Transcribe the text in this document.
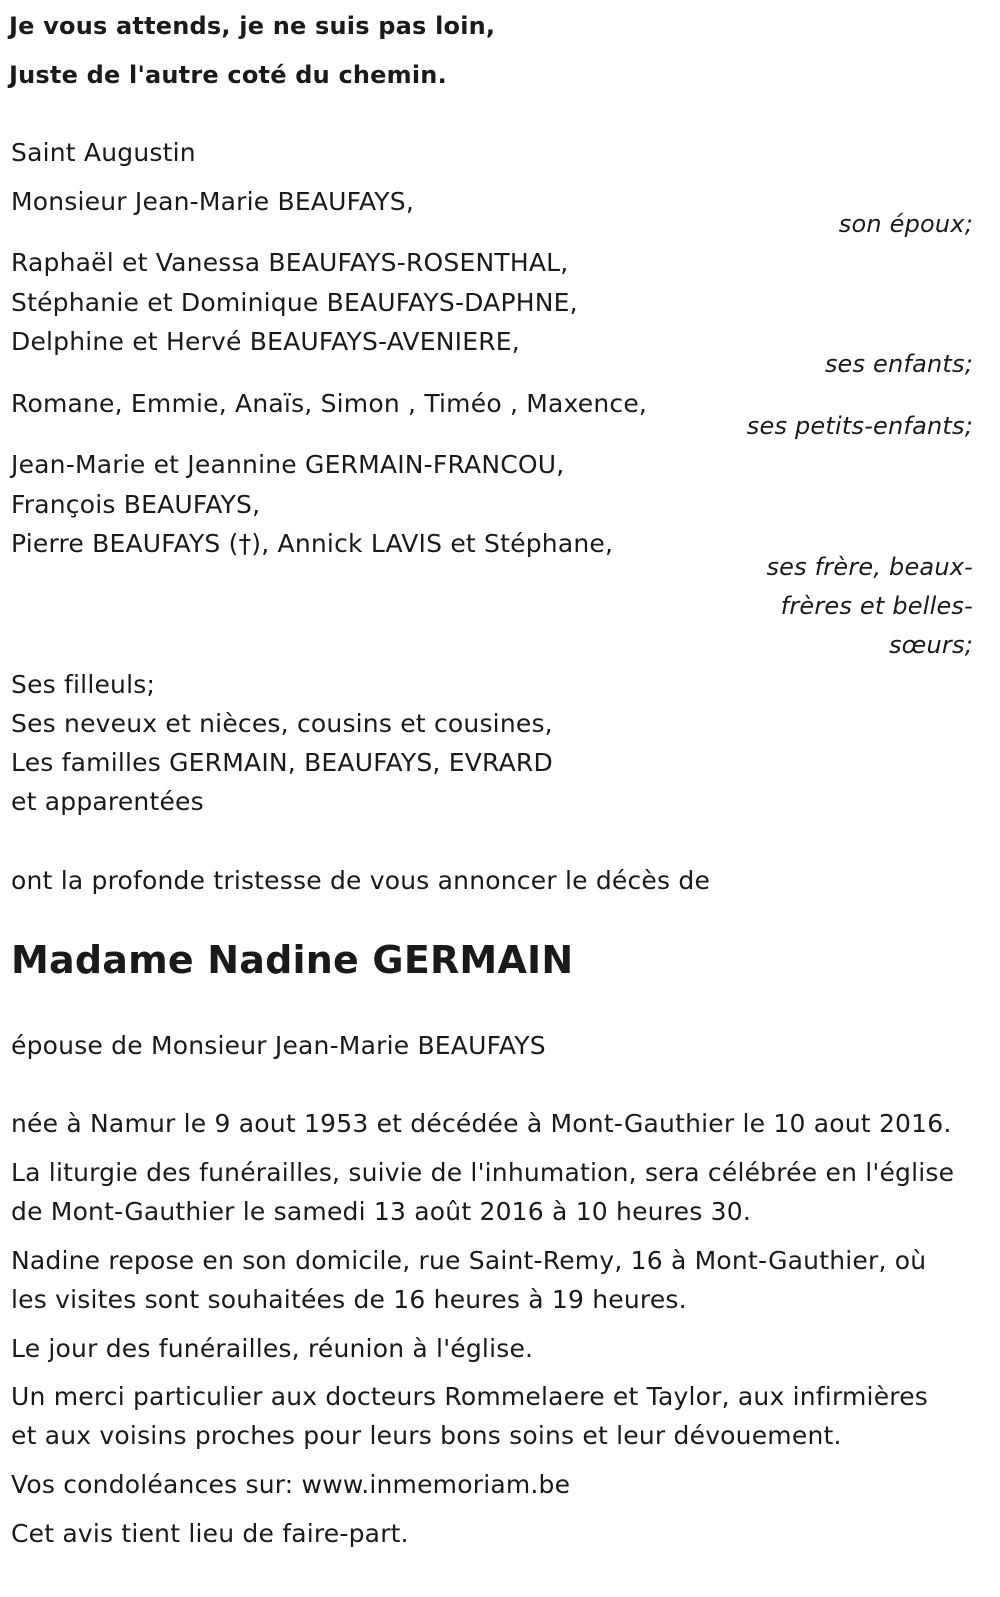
Je vous attends, je ne suis pas loin,
Juste de l'autre coté du chemin.
Saint Augustin
Monsieur Jean-Marie BEAUFAYS,
son époux;
Raphaël et Vanessa BEAUFAYS-ROSENTHAL,
Stéphanie et Dominique BEAUFAYS-DAPHNE,
Delphine et Hervé BEAUFAYS-AVENIERE,
ses enfants;
Romane, Emmie, Anaïs, Simon , Timéo , Maxence,
ses petits-enfants;
Jean-Marie et Jeannine GERMAIN-FRANCOU,
François BEAUFAYS,
Pierre BEAUFAYS (†), Annick LAVIS et Stéphane,
ses frère, beaux-
frères et belles-
sœurs;
Ses filleuls;
Ses neveux et nièces, cousins et cousines,
Les familles GERMAIN, BEAUFAYS, EVRARD
et apparentées
ont la profonde tristesse de vous annoncer le décès de
Madame Nadine GERMAIN
épouse de Monsieur Jean-Marie BEAUFAYS
née à Namur le 9 aout 1953 et décédée à Mont-Gauthier le 10 aout 2016.
La liturgie des funérailles, suivie de l'inhumation, sera célébrée en l'église
de Mont-Gauthier le samedi 13 août 2016 à 10 heures 30.
Nadine repose en son domicile, rue Saint-Remy, 16 à Mont-Gauthier, où
les visites sont souhaitées de 16 heures à 19 heures.
Le jour des funérailles, réunion à l'église.
Un merci particulier aux docteurs Rommelaere et Taylor, aux infirmières
et aux voisins proches pour leurs bons soins et leur dévouement.
Vos condoléances sur: www.inmemoriam.be
Cet avis tient lieu de faire-part.
